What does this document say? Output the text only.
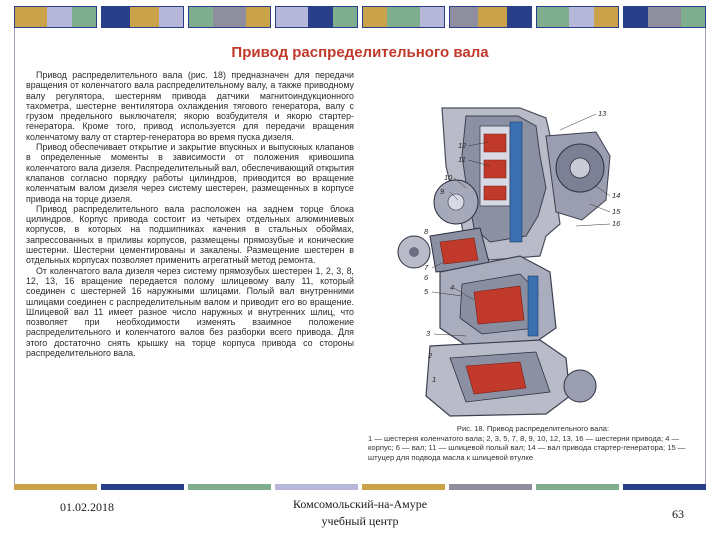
Привод распределительного вала

Привод распределительного вала (рис. 18) предназначен для передачи вращения от коленчатого вала распределительному валу, а также приводному валу регулятора, шестерням привода датчики магнитоиндукционного тахометра, шестерне вентилятора охлаждения тягового генератора, валу с грузом предельного выключателя; якорю возбудителя и якорю стартер-генератора. Кроме того, привод используется для передачи вращения коленчатому валу от стартер-генератора во время пуска дизеля.

Привод обеспечивает открытие и закрытие впускных и выпускных клапанов в определенные моменты в зависимости от положения кривошипа коленчатого вала дизеля. Распределительный вал, обеспечивающий открытия клапанов согласно порядку работы цилиндров, приводится во вращение коленчатым валом дизеля через систему шестерен, размещенных в корпусе привода на торце дизеля.

Привод распределительного вала расположен на заднем торце блока цилиндров. Корпус привода состоит из четырех отдельных алюминиевых корпусов, в которых на подшипниках качения в стальных обоймах, запрессованных в приливы корпусов, размещены прямозубые и конические шестерни. Шестерни цементированы и закалены. Размещение шестерен в отдельных корпусах позволяет применить агрегатный метод ремонта.

От коленчатого вала дизеля через систему прямозубых шестерен 1, 2, 3, 8, 12, 13, 16 вращение передается полому шлицевому валу 11, который соединен с шестерней 16 наружными шлицами. Полый вал внутренними шлицами соединен с распределительным валом и приводит его во вращение. Шлицевой вал 11 имеет разное число наружных и внутренних шлиц, что позволяет при необходимости изменять взаимное положение распределительного и коленчатого валов без разборки всего привода. Для этого достаточно снять крышку на торце корпуса привода со стороны распределительного вала.

13
12
11
10
9
8
7
6
5	4
3
2
1
14
15
16
Рис. 18. Привод распределительного вала:
1 — шестерня коленчатого вала; 2, 3, 5, 7, 8, 9, 10, 12, 13, 16 — шестерни привода; 4 — корпус; 6 — вал; 11 — шлицевой полый вал; 14 — вал привода стартер-генератора; 15 — штуцер для подвода масла к шлицевой втулке
01.02.2018	Комсомольский-на-Амуре
учебный центр	63
